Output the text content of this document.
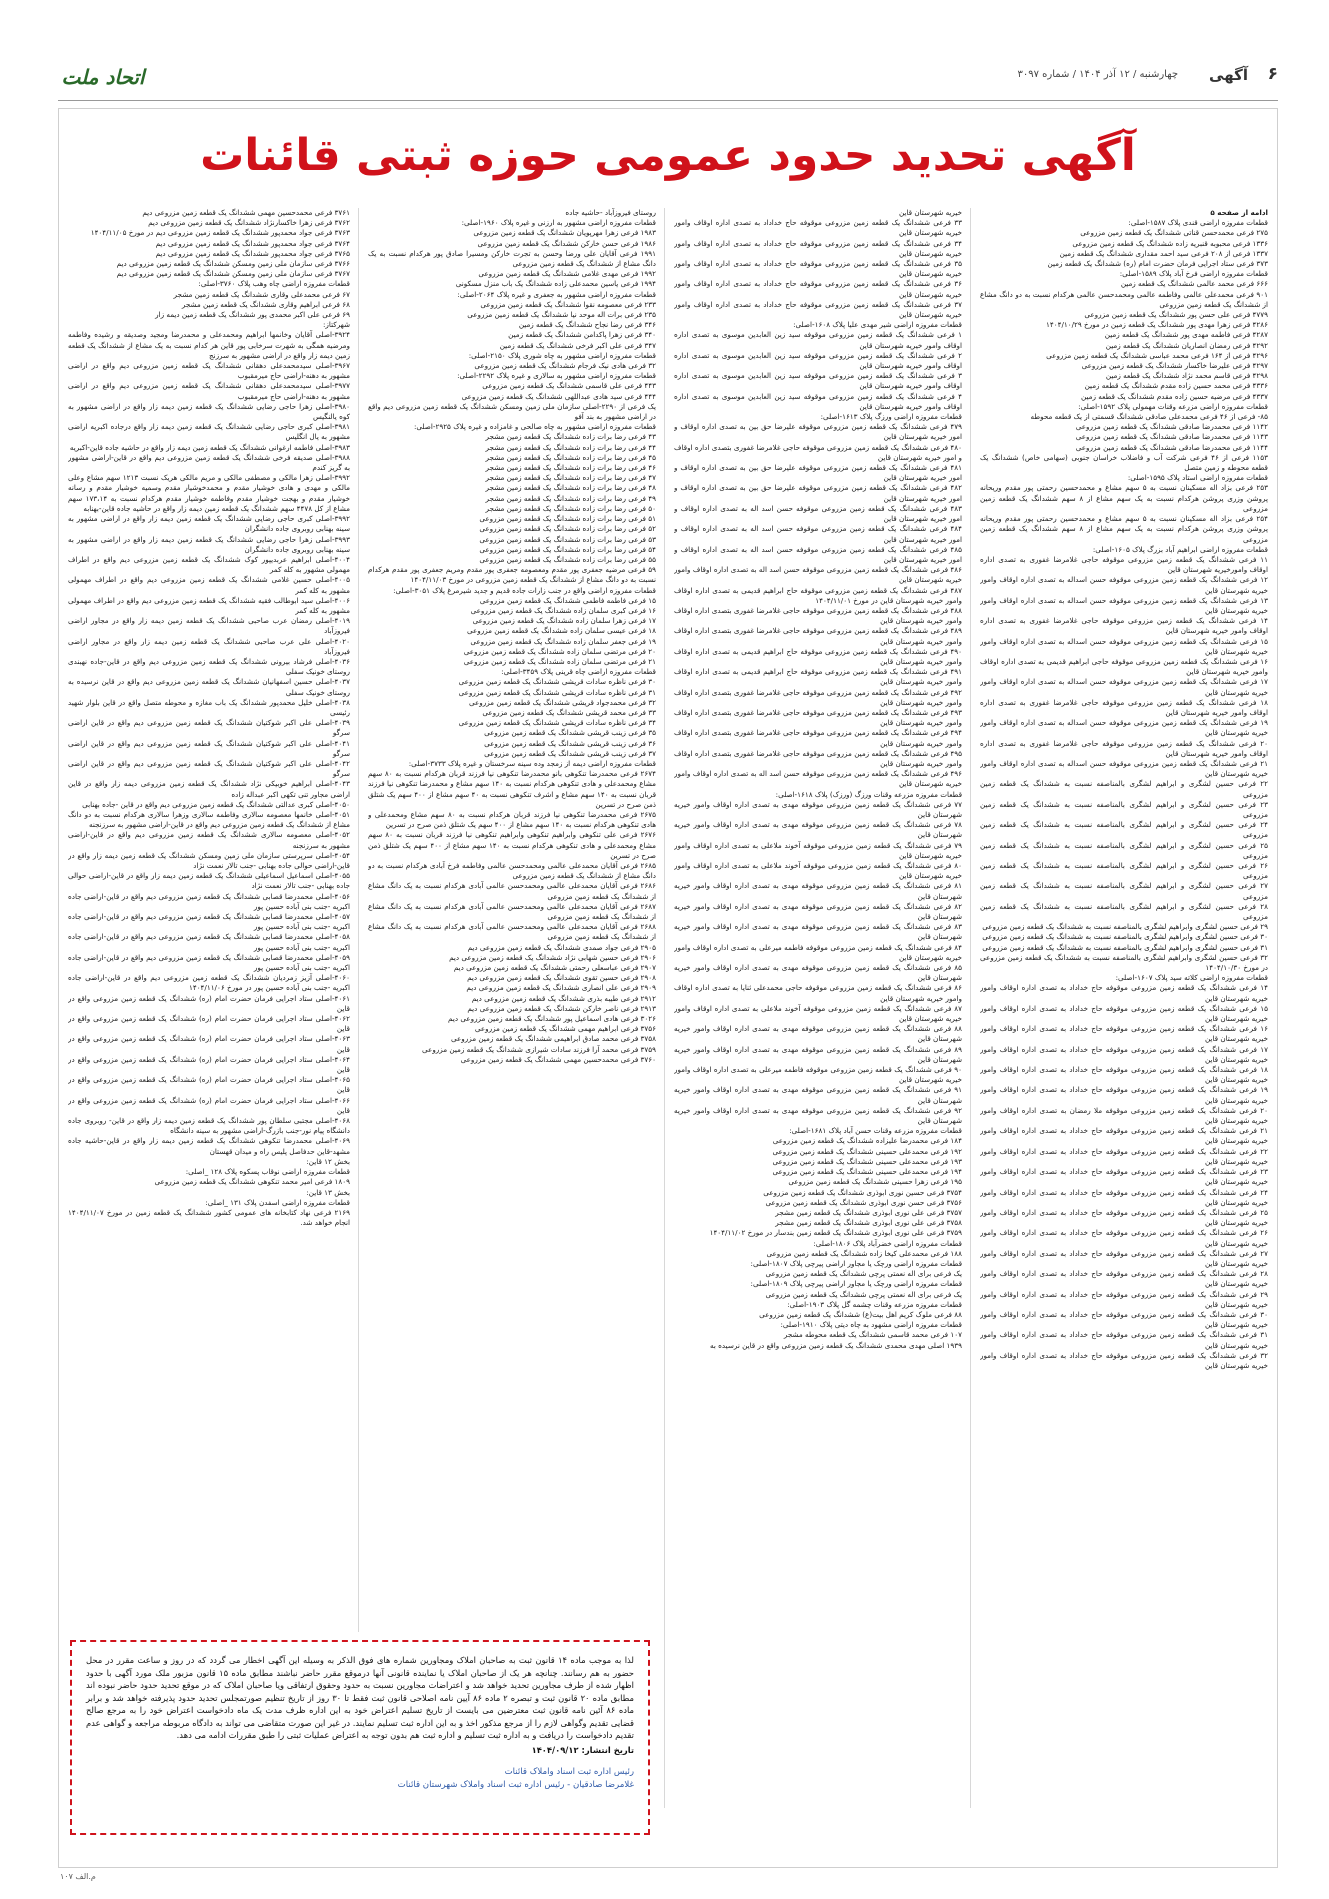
۶
آگهی
چهارشنبه / ۱۲ آذر ۱۴۰۴ / شماره ۳۰۹۷
اتحاد ملت
آگهی تحدید حدود عمومی حوزه ثبتی قائنات

ادامه از صفحه ۵

قطعات مفروزه اراضی قندی پلاک ۱۵۸۷-اصلی:

۲۷۵ فرعی محمدحسن قناتی ششدانگ یک قطعه زمین مزروعی

۱۳۳۶ فرعی محبوبه قنبریه زاده ششدانگ یک قطعه زمین مزروعی

۱۳۳۷ فرعی از ۲۰۸ فرعی سید احمد مقداری ششدانگ یک قطعه زمین

۳۷۳ فرعی ستاد اجرایی فرمان حضرت امام (ره) ششدانگ یک قطعه زمین

قطعات مفروزه اراضی فرخ آباد پلاک ۱۵۸۹-اصلی:

۶۶۶ فرعی محمد عالمی ششدانگ یک قطعه زمین

۹۰۱ فرعی محمدعلی عالمی وفاطمه عالمی ومحمدحسن عالمی هرکدام نسبت به دو دانگ مشاع از ششدانگ یک قطعه زمین مزروعی

۴۷۷۹ فرعی علی حسن پور ششدانگ یک قطعه زمین مزروعی

۴۲۸۶ فرعی زهرا مهدی پور ششدانگ یک قطعه زمین در مورخ ۱۴۰۴/۱۰/۲۹

۴۲۸۷ فرعی فاطمه مهدی پور ششدانگ یک قطعه زمین

۴۲۹۲ فرعی رمضان انصاریان ششدانگ یک قطعه زمین

۴۲۹۶ فرعی از ۱۶۴ فرعی محمد عباسی ششدانگ یک قطعه زمین مزروعی

۴۲۹۷ فرعی علیرضا خاکسار ششدانگ یک قطعه زمین مزروعی

۴۲۹۸ فرعی قاسم محمد نژاد ششدانگ یک قطعه زمین

۴۳۳۶ فرعی محمد حسین زاده مقدم ششدانگ یک قطعه زمین

۴۳۳۷ فرعی مرضیه حسین زاده مقدم ششدانگ یک قطعه زمین

قطعات مفروزه اراضی مزرعه وقنات مهمولی پلاک ۱۵۹۲-اصلی:

۸۵- فرعی از ۴۶ فرعی محمدعلی صادقی ششدانگ قسمتی از یک قطعه محوطه

۱۱۴۲ فرعی محمدرضا صادقی ششدانگ یک قطعه زمین مزروعی

۱۱۴۳ فرعی محمدرضا صادقی ششدانگ یک قطعه زمین مزروعی

۱۱۴۴ فرعی محمدرضا صادقی ششدانگ یک قطعه زمین مزروعی

۱۱۵۳ فرعی از ۴۶ فرعی شرکت آب و فاضلاب خراسان جنوبی (سهامی خاص) ششدانگ یک قطعه محوطه و زمین متصل

قطعات مفروزه اراضی استاد پلاک ۱۵۹۵-اصلی:

۲۵۳ فرعی بزاد اله مسکینان نسبت به ۵ سهم مشاع و محمدحسین رحمتی پور مقدم وریحانه پروشن وزری پروشن هرکدام نسبت به یک سهم مشاع از ۸ سهم ششدانگ یک قطعه زمین مزروعی

۲۵۴ فرعی بزاد اله مسکینان نسبت به ۵ سهم مشاع و محمدحسین رحمتی پور مقدم وریحانه پروشن وزری پروشن هرکدام نسبت به یک سهم مشاع از ۸ سهم ششدانگ یک قطعه زمین مزروعی

قطعات مفروزه اراضی ابراهیم آباد بزرگ پلاک ۱۶۰۵-اصلی:

۱۱ فرعی ششدانگ یک قطعه زمین مزروعی موقوفه حاجی غلامرضا غفوری به تصدی اداره اوقاف وامورخیریه شهرستان قاین

۱۲ فرعی ششدانگ یک قطعه زمین مزروعی موقوفه حسن اسداله به تصدی اداره اوقاف وامور خیریه شهرستان قاین

۱۳ فرعی ششدانگ یک قطعه زمین مزروعی موقوفه حسن اسداله به تصدی اداره اوقاف وامور خیریه شهرستان قاین

۱۴ فرعی ششدانگ یک قطعه زمین مزروعی موقوفه حاجی غلامرضا غفوری به تصدی اداره اوقاف وامور خیریه شهرستان قاین

۱۵ فرعی ششدانگ یک قطعه زمین مزروعی موقوفه حسن اسداله به تصدی اداره اوقاف وامور خیریه شهرستان قاین

۱۶ فرعی ششدانگ یک قطعه زمین مزروعی موقوفه حاجی ابراهیم قدیمی به تصدی اداره اوقاف وامور خیریه شهرستان قاین

۱۷ فرعی ششدانگ یک قطعه زمین مزروعی موقوفه حسن اسداله به تصدی اداره اوقاف وامور خیریه شهرستان قاین

۱۸ فرعی ششدانگ یک قطعه زمین مزروعی موقوفه حاجی غلامرضا غفوری به تصدی اداره اوقاف وامور خیریه شهرستان قاین

۱۹ فرعی ششدانگ یک قطعه زمین مزروعی موقوفه حسن اسداله به تصدی اداره اوقاف وامور خیریه شهرستان قاین

۲۰ فرعی ششدانگ یک قطعه زمین مزروعی موقوفه حاجی غلامرضا غفوری به تصدی اداره اوقاف وامور خیریه شهرستان قاین

۲۱ فرعی ششدانگ یک قطعه زمین مزروعی موقوفه حسن اسداله به تصدی اداره اوقاف وامور خیریه شهرستان قاین

۲۲ فرعی حسین لشگری و ابراهیم لشگری بالمناصفه نسبت به ششدانگ یک قطعه زمین مزروعی

۲۳ فرعی حسین لشگری و ابراهیم لشگری بالمناصفه نسبت به ششدانگ یک قطعه زمین مزروعی

۲۴ فرعی حسین لشگری و ابراهیم لشگری بالمناصفه نسبت به ششدانگ یک قطعه زمین مزروعی

۲۵ فرعی حسین لشگری و ابراهیم لشگری بالمناصفه نسبت به ششدانگ یک قطعه زمین مزروعی

۲۶ فرعی حسین لشگری و ابراهیم لشگری بالمناصفه نسبت به ششدانگ یک قطعه زمین مزروعی

۲۷ فرعی حسین لشگری و ابراهیم لشگری بالمناصفه نسبت به ششدانگ یک قطعه زمین مزروعی

۲۸ فرعی حسین لشگری و ابراهیم لشگری بالمناصفه نسبت به ششدانگ یک قطعه زمین مزروعی

۲۹ فرعی حسین لشگری وابراهیم لشگری بالمناصفه نسبت به ششدانگ یک قطعه زمین مزروعی

۳۰ فرعی حسین لشگری وابراهیم لشگری بالمناصفه نسبت به ششدانگ یک قطعه زمین مزروعی

۳۱ فرعی حسین لشگری وابراهیم لشگری بالمناصفه نسبت به ششدانگ یک قطعه زمین مزروعی

۳۲ فرعی حسین لشگری وابراهیم لشگری بالمناصفه نسبت به ششدانگ یک قطعه زمین مزروعی در مورخ ۱۴۰۴/۱۰/۳۰

قطعات مفروزه اراضی کلاته سید پلاک ۱۶۰۷-اصلی:

۱۴ فرعی ششدانگ یک قطعه زمین مزروعی موقوفه حاج خداداد به تصدی اداره اوقاف وامور خیریه شهرستان قاین

۱۵ فرعی ششدانگ یک قطعه زمین مزروعی موقوفه حاج خداداد به تصدی اداره اوقاف وامور خیریه شهرستان قاین

۱۶ فرعی ششدانگ یک قطعه زمین مزروعی موقوفه حاج خداداد به تصدی اداره اوقاف وامور خیریه شهرستان قاین

۱۷ فرعی ششدانگ یک قطعه زمین مزروعی موقوفه حاج خداداد به تصدی اداره اوقاف وامور خیریه شهرستان قاین

۱۸ فرعی ششدانگ یک قطعه زمین مزروعی موقوفه حاج خداداد به تصدی اداره اوقاف وامور خیریه شهرستان قاین

۱۹ فرعی ششدانگ یک قطعه زمین مزروعی موقوفه حاج خداداد به تصدی اداره اوقاف وامور خیریه شهرستان قاین

۲۰ فرعی ششدانگ یک قطعه زمین مزروعی موقوفه ملا رمضان به تصدی اداره اوقاف وامور خیریه شهرستان قاین

۲۱ فرعی ششدانگ یک قطعه زمین مزروعی موقوفه حاج خداداد به تصدی اداره اوقاف وامور خیریه شهرستان قاین

۲۲ فرعی ششدانگ یک قطعه زمین مزروعی موقوفه حاج خداداد به تصدی اداره اوقاف وامور خیریه شهرستان قاین

۲۳ فرعی ششدانگ یک قطعه زمین مزروعی موقوفه حاج خداداد به تصدی اداره اوقاف وامور خیریه شهرستان قاین

۲۴ فرعی ششدانگ یک قطعه زمین مزروعی موقوفه حاج خداداد به تصدی اداره اوقاف وامور خیریه شهرستان قاین

۲۵ فرعی ششدانگ یک قطعه زمین مزروعی موقوفه حاج خداداد به تصدی اداره اوقاف وامور خیریه شهرستان قاین

۲۶ فرعی ششدانگ یک قطعه زمین مزروعی موقوفه حاج خداداد به تصدی اداره اوقاف وامور خیریه شهرستان قاین

۲۷ فرعی ششدانگ یک قطعه زمین مزروعی موقوفه حاج خداداد به تصدی اداره اوقاف وامور خیریه شهرستان قاین

۲۸ فرعی ششدانگ یک قطعه زمین مزروعی موقوفه حاج خداداد به تصدی اداره اوقاف وامور خیریه شهرستان قاین

۲۹ فرعی ششدانگ یک قطعه زمین مزروعی موقوفه حاج خداداد به تصدی اداره اوقاف وامور خیریه شهرستان قاین

۳۰ فرعی ششدانگ یک قطعه زمین مزروعی موقوفه حاج خداداد به تصدی اداره اوقاف وامور خیریه شهرستان قاین

۳۱ فرعی ششدانگ یک قطعه زمین مزروعی موقوفه حاج خداداد به تصدی اداره اوقاف وامور خیریه شهرستان قاین

۳۲ فرعی ششدانگ یک قطعه زمین مزروعی موقوفه حاج خداداد به تصدی اداره اوقاف وامور خیریه شهرستان قاین

خیریه شهرستان قاین

۳۳ فرعی ششدانگ یک قطعه زمین مزروعی موقوفه حاج خداداد به تصدی اداره اوقاف وامور خیریه شهرستان قاین

۳۴ فرعی ششدانگ یک قطعه زمین مزروعی موقوفه حاج خداداد به تصدی اداره اوقاف وامور خیریه شهرستان قاین

۳۵ فرعی ششدانگ یک قطعه زمین مزروعی موقوفه حاج خداداد به تصدی اداره اوقاف وامور خیریه شهرستان قاین

۳۶ فرعی ششدانگ یک قطعه زمین مزروعی موقوفه حاج خداداد به تصدی اداره اوقاف وامور خیریه شهرستان قاین

۳۷ فرعی ششدانگ یک قطعه زمین مزروعی موقوفه حاج خداداد به تصدی اداره اوقاف وامور خیریه شهرستان قاین

قطعات مفروزه اراضی شیر مهدی علیا پلاک ۱۶۰۸-اصلی:

۱ فرعی ششدانگ یک قطعه زمین مزروعی موقوفه سید زین العابدین موسوی به تصدی اداره اوقاف وامور خیریه شهرستان قاین

۲ فرعی ششدانگ یک قطعه زمین مزروعی موقوفه سید زین العابدین موسوی به تصدی اداره اوقاف وامور خیریه شهرستان قاین

۳ فرعی ششدانگ یک قطعه زمین مزروعی موقوفه سید زین العابدین موسوی به تصدی اداره اوقاف وامور خیریه شهرستان قاین

۴ فرعی ششدانگ یک قطعه زمین مزروعی موقوفه سید زین العابدین موسوی به تصدی اداره اوقاف وامور خیریه شهرستان قاین

قطعات مفروزه اراضی ورزگ پلاک ۱۶۱۳-اصلی:

۴۷۹ فرعی ششدانگ یک قطعه زمین مزروعی موقوفه علیرضا حق بین به تصدی اداره اوقاف و امور خیریه شهرستان قاین

۴۸۰ فرعی ششدانگ یک قطعه زمین مزروعی موقوفه حاجی غلامرضا غفوری بتصدی اداره اوقاف و امور خیریه شهرستان قاین

۴۸۱ فرعی ششدانگ یک قطعه زمین مزروعی موقوفه علیرضا حق بین به تصدی اداره اوقاف و امور خیریه شهرستان قاین

۴۸۲ فرعی ششدانگ یک قطعه زمین مزروعی موقوفه علیرضا حق بین به تصدی اداره اوقاف و امور خیریه شهرستان قاین

۴۸۳ فرعی ششدانگ یک قطعه زمین مزروعی موقوفه حسن اسد اله به تصدی اداره اوقاف و امور خیریه شهرستان قاین

۴۸۴ فرعی ششدانگ یک قطعه زمین مزروعی موقوفه حسن اسد اله به تصدی اداره اوقاف و امور خیریه شهرستان قاین

۴۸۵ فرعی ششدانگ یک قطعه زمین مزروعی موقوفه حسن اسد اله به تصدی اداره اوقاف و امور خیریه شهرستان قاین

۴۸۶ فرعی ششدانگ یک قطعه زمین مزروعی موقوفه حسن اسد اله به تصدی اداره اوقاف وامور خیریه شهرستان قاین

۴۸۷ فرعی ششدانگ یک قطعه زمین مزروعی موقوفه حاج ابراهیم قدیمی به تصدی اداره اوقاف وامور خیریه شهرستان قاین در مورخ ۱۴۰۴/۱۱/۰۱

۴۸۸ فرعی ششدانگ یک قطعه زمین مزروعی موقوفه حاجی غلامرضا غفوری بتصدی اداره اوقاف وامور خیریه شهرستان قاین

۴۸۹ فرعی ششدانگ یک قطعه زمین مزروعی موقوفه حاجی غلامرضا غفوری بتصدی اداره اوقاف وامور خیریه شهرستان قاین

۴۹۰ فرعی ششدانگ یک قطعه زمین مزروعی موقوفه حاج ابراهیم قدیمی به تصدی اداره اوقاف وامور خیریه شهرستان قاین

۴۹۱ فرعی ششدانگ یک قطعه زمین مزروعی موقوفه حاج ابراهیم قدیمی به تصدی اداره اوقاف وامور خیریه شهرستان قاین

۴۹۲ فرعی ششدانگ یک قطعه زمین مزروعی موقوفه حاجی غلامرضا غفوری بتصدی اداره اوقاف وامور خیریه شهرستان قاین

۴۹۳ فرعی ششدانگ یک قطعه زمین مزروعی موقوفه حاجی غلامرضا غفوری بتصدی اداره اوقاف وامور خیریه شهرستان قاین

۴۹۴ فرعی ششدانگ یک قطعه زمین مزروعی موقوفه حاجی غلامرضا غفوری بتصدی اداره اوقاف وامور خیریه شهرستان قاین

۴۹۵ فرعی ششدانگ یک قطعه زمین مزروعی موقوفه حاجی غلامرضا غفوری بتصدی اداره اوقاف وامور خیریه شهرستان قاین

۴۹۶ فرعی ششدانگ یک قطعه زمین مزروعی موقوفه حسن اسد اله به تصدی اداره اوقاف وامور خیریه شهرستان قاین

قطعات مفروزه مزرعه وقنات ورزگ (ورزک) پلاک ۱۶۱۸-اصلی:

۷۷ فرعی ششدانگ یک قطعه زمین مزروعی موقوفه مهدی به تصدی اداره اوقاف وامور خیریه شهرستان قاین

۷۸ فرعی ششدانگ یک قطعه زمین مزروعی موقوفه مهدی به تصدی اداره اوقاف وامور خیریه شهرستان قاین

۷۹ فرعی ششدانگ یک قطعه زمین مزروعی موقوفه آخوند ملاعلی به تصدی اداره اوقاف وامور خیریه شهرستان قاین

۸۰ فرعی ششدانگ یک قطعه زمین مزروعی موقوفه آخوند ملاعلی به تصدی اداره اوقاف وامور خیریه شهرستان قاین

۸۱ فرعی ششدانگ یک قطعه زمین مزروعی موقوفه مهدی به تصدی اداره اوقاف وامور خیریه شهرستان قاین

۸۲ فرعی ششدانگ یک قطعه زمین مزروعی موقوفه مهدی به تصدی اداره اوقاف وامور خیریه شهرستان قاین

۸۳ فرعی ششدانگ یک قطعه زمین مزروعی موقوفه مهدی به تصدی اداره اوقاف وامور خیریه شهرستان قاین

۸۴ فرعی ششدانگ یک قطعه زمین مزروعی موقوفه فاطمه میرعلی به تصدی اداره اوقاف وامور خیریه شهرستان قاین

۸۵ فرعی ششدانگ یک قطعه زمین مزروعی موقوفه مهدی به تصدی اداره اوقاف وامور خیریه شهرستان قاین

۸۶ فرعی ششدانگ یک قطعه زمین مزروعی موقوفه حاجی محمدعلی ثنایا به تصدی اداره اوقاف وامور خیریه شهرستان قاین

۸۷ فرعی ششدانگ یک قطعه زمین مزروعی موقوفه آخوند ملاعلی به تصدی اداره اوقاف وامور خیریه شهرستان قاین

۸۸ فرعی ششدانگ یک قطعه زمین مزروعی موقوفه مهدی به تصدی اداره اوقاف وامور خیریه شهرستان قاین

۸۹ فرعی ششدانگ یک قطعه زمین مزروعی موقوفه مهدی به تصدی اداره اوقاف وامور خیریه شهرستان قاین

۹۰ فرعی ششدانگ یک قطعه زمین مزروعی موقوفه فاطمه میرعلی به تصدی اداره اوقاف وامور خیریه شهرستان قاین

۹۱ فرعی ششدانگ یک قطعه زمین مزروعی موقوفه مهدی به تصدی اداره اوقاف وامور خیریه شهرستان قاین

۹۲ فرعی ششدانگ یک قطعه زمین مزروعی موقوفه مهدی به تصدی اداره اوقاف وامور خیریه شهرستان قاین

قطعات مفروزه مزرعه وقنات حسن آباد پلاک ۱۶۸۱-اصلی:

۱۸۴ فرعی محمدرضا علیزاده ششدانگ یک قطعه زمین مزروعی

۱۹۲ فرعی محمدعلی حسینی ششدانگ یک قطعه زمین مزروعی

۱۹۳ فرعی محمدعلی حسینی ششدانگ یک قطعه زمین مزروعی

۱۹۴ فرعی محمدعلی حسینی ششدانگ یک قطعه زمین مزروعی

۱۹۵ فرعی زهرا حسینی ششدانگ یک قطعه زمین مزروعی

۳۷۵۴ فرعی حسین نوری ابوذری ششدانگ یک قطعه زمین مزروعی

۳۷۵۶ فرعی حسن نوری ابوذری ششدانگ یک قطعه زمین مزروعی

۳۷۵۷ فرعی علی نوری ابوذری ششدانگ یک قطعه زمین مشجر

۳۷۵۸ فرعی علی نوری ابوذری ششدانگ یک قطعه زمین مشجر

۳۷۵۹ فرعی علی نوری ابوذری ششدانگ یک قطعه زمین بندسار در مورخ ۱۴۰۴/۱۱/۰۲

قطعات مفروزه اراضی خضرآباد پلاک ۱۸۰۶-اصلی:

۱۸۸ فرعی محمدعلی کیخا زاده ششدانگ یک قطعه زمین مزروعی

قطعات مفروزه اراضی ورچک یا مجاور اراضی پیرچی پلاک ۱۸۰۷-اصلی:

یک فرعی برای اله نعمتی پرچی ششدانگ یک قطعه زمین مزروعی

قطعات مفروزه اراضی ورچک یا مجاور اراضی پیرچی پلاک ۱۸۰۹-اصلی:

یک فرعی برای اله نعمتی پرچی ششدانگ یک قطعه زمین مزروعی

قطعات مفروزه مزرعه وقنات چشمه گل پلاک ۱۹۰۳-اصلی:

۸۸ فرعی ملوک کریم اهل بیت(ع) ششدانگ یک قطعه زمین مزروعی

قطعات مفروزه اراضی مشهود به چاه دیتی پلاک ۱۹۱۰-اصلی:

۱۰۷ فرعی محمد قاسمی ششدانگ یک قطعه محوطه مشجر

۱۹۳۹ اصلی مهدی محمدی ششدانگ یک قطعه زمین مزروعی واقع در قاین نرسیده به

روستای فیروزآباد -حاشیه جاده

قطعات مفروزه اراضی مشهور به ارزنی و غیره پلاک ۱۹۶۰-اصلی:

۱۹۸۳ فرعی زهرا مهرپویان ششدانگ یک قطعه زمین مزروعی

۱۹۸۶ فرعی حسن خارکن ششدانگ یک قطعه زمین مزروعی

۱۹۹۱ فرعی آقایان علی ورضا وحسن به تجرت خارکن ومسیرا صادق پور هرکدام نسبت به یک دانگ مشاع از ششدانگ یک قطعه زمین مزروعی

۱۹۹۲ فرعی مهدی غلامی ششدانگ یک قطعه زمین مزروعی

۱۹۹۴ فرعی یاسین محمدعلی زاده ششدانگ یک باب منزل مسکونی

قطعات مفروزه اراضی مشهور به جعفری و غیره پلاک ۲۰۶۴-اصلی:

۲۳۳ فرعی معصومه نقوا ششدانگ یک قطعه زمین مزروعی

۲۳۵ فرعی برات اله موحد نیا ششدانگ یک قطعه زمین مزروعی

۳۴۶ فرعی رضا نجاح ششدانگ یک قطعه زمین

۳۴۰ فرعی زهرا پاکدامن ششدانگ یک قطعه زمین

۳۴۷ فرعی علی اکبر فرخی ششدانگ یک قطعه زمین

قطعات مفروزه اراضی مشهور به چاه شوری پلاک ۲۱۵۰-اصلی:

۳۲ فرعی هادی نیک فرجام ششدانگ یک قطعه زمین مزروعی

قطعات مفروزه اراضی مشهور به سالاری و غیره پلاک ۲۲۹۲-اصلی:

۴۴۳ فرعی علی قاسمی ششدانگ یک قطعه زمین مزروعی

۴۴۴ فرعی سید هادی عبداللهی ششدانگ یک قطعه زمین مزروعی

یک فرعی از ۲۲۹۰-اصلی سازمان ملی زمین ومسکن ششدانگ یک قطعه زمین مزروعی دیم واقع در اراضی مشهور به بند آفو

قطعات مفروزه اراضی مشهور به چاه صالحی و غامزاده و غیره پلاک ۲۹۲۵-اصلی:

۴۳ فرعی رضا برات زاده ششدانگ یک قطعه زمین مشجر

۴۴ فرعی رضا برات زاده ششدانگ یک قطعه زمین مشجر

۴۵ فرعی رضا برات زاده ششدانگ یک قطعه زمین مشجر

۴۶ فرعی رضا برات زاده ششدانگ یک قطعه زمین مشجر

۴۷ فرعی رضا برات زاده ششدانگ یک قطعه زمین مشجر

۴۸ فرعی رضا برات زاده ششدانگ یک قطعه زمین مشجر

۴۹ فرعی رضا برات زاده ششدانگ یک قطعه زمین مشجر

۵۰ فرعی رضا برات زاده ششدانگ یک قطعه زمین مشجر

۵۱ فرعی رضا برات زاده ششدانگ یک قطعه زمین مزروعی

۵۲ فرعی رضا برات زاده ششدانگ یک قطعه زمین مزروعی

۵۳ فرعی رضا برات زاده ششدانگ یک قطعه زمین مزروعی

۵۴ فرعی رضا برات زاده ششدانگ یک قطعه زمین مزروعی

۵۵ فرعی رضا برات زاده ششدانگ یک قطعه زمین مزروعی

۵۹ فرعی مرضیه جعفری پور مقدم ومعصومه جعفری پور مقدم ومریم جعفری پور مقدم هرکدام نسبت به دو دانگ مشاع از ششدانگ یک قطعه زمین مزروعی در مورخ ۱۴۰۴/۱۱/۰۳

قطعات مفروزه اراضی واقع در جنب زارات جاده قدیم و جدید شیرمرغ پلاک ۳۰۵۱-اصلی:

۱۵ فرعی فاطمه فاطمی ششدانگ یک قطعه زمین مزروعی

۱۶ فرعی کبری سلمان زاده ششدانگ یک قطعه زمین مزروعی

۱۷ فرعی زهرا سلمان زاده ششدانگ یک قطعه زمین مزروعی

۱۸ فرعی عیسی سلمان زاده ششدانگ یک قطعه زمین مزروعی

۱۹ فرعی جعفر سلمان زاده ششدانگ یک قطعه زمین مزروعی

۲۰ فرعی مرتضی سلمان زاده ششدانگ یک قطعه زمین مزروعی

۲۱ فرعی مرتضی سلمان زاده ششدانگ یک قطعه زمین مزروعی

قطعات مفروزه اراضی چاه قرینی پلاک ۳۴۵۹-اصلی:

۳۰ فرعی ناظره سادات قریشی ششدانگ یک قطعه زمین مزروعی

۳۱ فرعی ناظره سادات قریشی ششدانگ یک قطعه زمین مزروعی

۳۲ فرعی محمدجواد قریشی ششدانگ یک قطعه زمین مزروعی

۳۳ فرعی محمد قریشی ششدانگ یک قطعه زمین مزروعی

۳۴ فرعی ناظره سادات قریشی ششدانگ یک قطعه زمین مزروعی

۳۵ فرعی زینب قریشی ششدانگ یک قطعه زمین مزروعی

۳۶ فرعی زینب قریشی ششدانگ یک قطعه زمین مزروعی

۳۷ فرعی زینب قریشی ششدانگ یک قطعه زمین مزروعی

قطعات مفروزه اراضی دیمه از زمجد وده سینه سرخستان و غیره پلاک ۳۷۳۳-اصلی:

۲۶۷۴ فرعی محمدرضا تنکوهی بانو محمدرضا تنکوهی نیا فرزند قربان هرکدام نسبت به ۸۰ سهم مشاع ومحمدعلی و هادی تنکوهی هرکدام نسبت به ۱۴۰ سهم مشاع و محمدرضا تنکوهی نیا فرزند قربان نسبت به ۱۴۰ سهم مشاع و اشرف تنکوهی نسبت به ۴۰ سهم مشاع از ۴۰۰ سهم یک شتلق ذمن صرح در تسرین

۲۶۷۵ فرعی محمدرضا تنکوهی نیا فرزند قربان هرکدام نسبت به ۸۰ سهم مشاع ومحمدعلی و هادی تنکوهی هرکدام نسبت به ۱۴۰ سهم مشاع از ۴۰۰ سهم یک شتلق ذمن صرح در تسرین

۲۶۷۶ فرعی علی تنکوهی وابراهیم تنکوهی وابراهیم تنکوهی نیا فرزند قربان نسبت به ۸۰ سهم مشاع ومحمدعلی و هادی تنکوهی هرکدام نسبت به ۱۴۰ سهم مشاع از ۴۰۰ سهم یک شتلق ذمن صرح در تسرین

۲۶۸۵ فرعی آقایان محمدعلی عالمی ومحمدحسن عالمی وفاطمه فرخ آبادی هرکدام نسبت به دو دانگ مشاع از ششدانگ یک قطعه زمین مزروعی

۲۶۸۶ فرعی آقایان محمدعلی عالمی ومحمدحسن عالمی آبادی هرکدام نسبت به یک دانگ مشاع از ششدانگ یک قطعه زمین مزروعی

۲۶۸۷ فرعی آقایان محمدعلی عالمی ومحمدحسن عالمی آبادی هرکدام نسبت به یک دانگ مشاع از ششدانگ یک قطعه زمین مزروعی

۲۶۸۸ فرعی آقایان محمدعلی عالمی ومحمدحسن عالمی آبادی هرکدام نسبت به یک دانگ مشاع از ششدانگ یک قطعه زمین مزروعی

۲۹۰۵ فرعی جواد صمدی ششدانگ یک قطعه زمین مزروعی دیم

۲۹۰۶ فرعی حسین شهابی نژاد ششدانگ یک قطعه زمین مزروعی دیم

۲۹۰۷ فرعی عباسعلی رحمتی ششدانگ یک قطعه زمین مزروعی دیم

۲۹۰۸ فرعی حسین تقوی ششدانگ یک قطعه زمین مزروعی دیم

۲۹۰۹ فرعی علی انصاری ششدانگ یک قطعه زمین مزروعی دیم

۲۹۱۲ فرعی طیبه بذری ششدانگ یک قطعه زمین مزروعی دیم

۲۹۱۳ فرعی ناصر خارکن ششدانگ یک قطعه زمین مزروعی دیم

۳۰۲۶ فرعی هادی اسماعیل پور ششدانگ یک قطعه زمین مزروعی دیم

۳۷۵۶ فرعی ابراهیم مهمی ششدانگ یک قطعه زمین مزروعی

۳۷۵۸ فرعی محمد صادق ابراهیمی ششدانگ یک قطعه زمین مزروعی

۳۷۵۹ فرعی محمد آرا فرزند سادات شیرازی ششدانگ یک قطعه زمین مزروعی

۳۷۶۰ فرعی محمدحسین مهمی ششدانگ یک قطعه زمین مزروعی

۳۷۶۱ فرعی محمدحسین مهمی ششدانگ یک قطعه زمین مزروعی دیم

۳۷۶۲ فرعی زهرا خاکسارنژاد ششدانگ یک قطعه زمین مزروعی دیم

۳۷۶۳ فرعی جواد محمدپور ششدانگ یک قطعه زمین مزروعی دیم در مورخ ۱۴۰۴/۱۱/۰۵

۳۷۶۴ فرعی جواد محمدپور ششدانگ یک قطعه زمین مزروعی دیم

۳۷۶۵ فرعی جواد محمدپور ششدانگ یک قطعه زمین مزروعی دیم

۳۷۶۶ فرعی سازمان ملی زمین ومسکن ششدانگ یک قطعه زمین مزروعی دیم

۳۷۶۷ فرعی سازمان ملی زمین ومسکن ششدانگ یک قطعه زمین مزروعی دیم

قطعات مفروزه اراضی چاه وهب پلاک ۳۷۶۰-اصلی:

۶۷ فرعی محمدعلی وقاری ششدانگ یک قطعه زمین مشجر

۶۸ فرعی ابراهیم وقاری ششدانگ یک قطعه زمین مشجر

۶۹ فرعی علی اکبر محمدی پور ششدانگ یک قطعه زمین دیمه زار

شهرکتاز:

۳۹۲۴-اصلی آقایان وخانمها ابراهیم ومحمدعلی و محمدرضا ومجید وصدیقه و رشیده وفاطمه ومرضیه همگی به شهرت سرخابی پور قاین هر کدام نسبت به یک مشاع از ششدانگ یک قطعه زمین دیمه زار واقع در اراضی مشهور به سرزنج

۳۹۶۷-اصلی سیدمحمدعلی دهقانی ششدانگ یک قطعه زمین مزروعی دیم واقع در اراضی مشهور به دهنه-اراضی حاج میرمقبوب

۳۹۷۷-اصلی سیدمحمدعلی دهقانی ششدانگ یک قطعه زمین مزروعی دیم واقع در اراضی مشهور به دهنه-اراضی حاج میرمقبوب

۳۹۸۰-اصلی زهرا حاجی رضایی ششدانگ یک قطعه زمین دیمه زار واقع در اراضی مشهور به کوه یالنگیس

۳۹۸۱-اصلی کبری حاجی رضایی ششدانگ یک قطعه زمین دیمه زار واقع درجاده اکبریه اراضی مشهور به یال انگلیس

۳۹۸۳-اصلی فاطمه ارغوانی ششدانگ یک قطعه زمین دیمه زار واقع در حاشیه جاده قاین-اکبریه

۳۹۸۸-اصلی صدیقه فرخی ششدانگ یک قطعه زمین مزروعی دیم واقع در قاین-اراضی مشهور به گریز کندم

۳۹۹۲-اصلی زهرا مالکی و مصطفی مالکی و مریم مالکی هریک نسبت ۱۲۱۳ سهم مشاع وعلی مالکی و مهدی و هادی خوشیار مقدم و محمدخوشیار مقدم وسمیه خوشیار مقدم و رسانه خوشیار مقدم و بهجت خوشیار مقدم وفاطمه خوشیار مقدم هرکدام نسبت به ۱۷۳،۱۴ سهم مشاع از کل ۴۴۷۸ سهم ششدانگ یک قطعه زمین دیمه زار واقع در حاشیه جاده قاین-بهنابه

۳۹۹۲-اصلی کبری حاجی رضایی ششدانگ یک قطعه زمین دیمه زار واقع در اراضی مشهور به سینه بهنابی روبروی جاده دانشگران

۳۹۹۳-اصلی زهرا حاجی رضایی ششدانگ یک قطعه زمین دیمه زار واقع در اراضی مشهور به سینه بهنابی روبروی جاده دانشگران

۴۰۰۴-اصلی ابراهیم عربدیپور کوک ششدانگ یک قطعه زمین مزروعی دیم واقع در اطراف مهمولی مشهور به کله کمر

۴۰۰۵-اصلی حسین غلامی ششدانگ یک قطعه زمین مزروعی دیم واقع در اطراف مهمولی مشهور به کله کمر

۴۰۰۶-اصلی سید ابوطالب فقیه ششدانگ یک قطعه زمین مزروعی دیم واقع در اطراف مهمولی مشهور به کله کمر

۴۰۱۹-اصلی رمضان عرب صاحبی ششدانگ یک قطعه زمین دیمه زار واقع در مجاور اراضی فیروزآباد

۴۰۲۰-اصلی علی عرب صاحبی ششدانگ یک قطعه زمین دیمه زار واقع در مجاور اراضی فیروزآباد

۴۰۳۶-اصلی فرشاد بیرونی ششدانگ یک قطعه زمین مزروعی دیم واقع در قاین-جاده نهبندی روستای خونیک سفلی

۴۰۳۷-اصلی حسین اسفهانیان ششدانگ یک قطعه زمین مزروعی دیم واقع در قاین نرسیده به روستای خونیک سفلی

۴۰۳۸-اصلی خلیل محمدپور ششدانگ یک باب مغازه و محوطه متصل واقع در قاین بلوار شهید رئیسی

۴۰۳۹-اصلی علی اکبر شوکتیان ششدانگ یک قطعه زمین مزروعی دیم واقع در قاین اراضی سرگو

۴۰۴۱-اصلی علی اکبر شوکتیان ششدانگ یک قطعه زمین مزروعی دیم واقع در قاین اراضی سرگو

۴۰۴۲-اصلی علی اکبر شوکتیان ششدانگ یک قطعه زمین مزروعی دیم واقع در قاین اراضی سرگو

۴۰۴۳-اصلی ابراهیم خوبیکی نژاد ششدانگ یک قطعه زمین مزروعی دیمه زار واقع در قاین اراضی مجاور تنی تکهی اکبر عبداله زاده

۴۰۵۰-اصلی کبری عدالتی ششدانگ یک قطعه زمین مزروعی دیم واقع در قاین -جاده بهنابی

۴۰۵۱-اصلی خانمها معصومه سالاری وفاطمه سالاری وزهرا سالاری هرکدام نسبت به دو دانگ مشاع از ششدانگ یک قطعه زمین مزروعی دیم واقع در قاین-اراضی مشهور به سرزنجنه

۴۰۵۲-اصلی معصومه سالاری ششدانگ یک قطعه زمین مزروعی دیم واقع در قاین-اراضی مشهور به سرزنجنه

۴۰۵۴-اصلی سرپرستی سازمان ملی زمین ومسکن ششدانگ یک قطعه زمین دیمه زار واقع در قاین-اراضی حوالی جاده بهنابی -جنب تالار نعمت نژاد

۴۰۵۵-اصلی اسماعیل اسماعیلی ششدانگ یک قطعه زمین دیمه زار واقع در قاین-اراضی حوالی جاده بهنابی -جنب تالار نعمت نژاد

۴۰۵۶-اصلی محمدرضا قصابی ششدانگ یک قطعه زمین مزروعی دیم واقع در قاین-اراضی جاده اکبریه -جنب بنی آباده حسین پور

۴۰۵۷-اصلی محمدرضا قصابی ششدانگ یک قطعه زمین مزروعی دیم واقع در قاین-اراضی جاده اکبریه -جنب بنی آباده حسین پور

۴۰۵۸-اصلی محمدرضا قصابی ششدانگ یک قطعه زمین مزروعی دیم واقع در قاین-اراضی جاده اکبریه -جنب بنی آباده حسین پور

۴۰۵۹-اصلی محمدرضا قصابی ششدانگ یک قطعه زمین مزروعی دیم واقع در قاین-اراضی جاده اکبریه -جنب بنی آباده حسین پور

۴۰۶۰-اصلی آزیز زمردیان ششدانگ یک قطعه زمین مزروعی دیم واقع در قاین-اراضی جاده اکبریه -جنب بنی آباده حسین پور در مورخ ۱۴۰۴/۱۱/۰۶

۴۰۶۱-اصلی ستاد اجرایی فرمان حضرت امام (ره) ششدانگ یک قطعه زمین مزروعی واقع در قاین

۴۰۶۲-اصلی ستاد اجرایی فرمان حضرت امام (ره) ششدانگ یک قطعه زمین مزروعی واقع در قاین

۴۰۶۳-اصلی ستاد اجرایی فرمان حضرت امام (ره) ششدانگ یک قطعه زمین مزروعی واقع در قاین

۴۰۶۴-اصلی ستاد اجرایی فرمان حضرت امام (ره) ششدانگ یک قطعه زمین مزروعی واقع در قاین

۴۰۶۵-اصلی ستاد اجرایی فرمان حضرت امام (ره) ششدانگ یک قطعه زمین مزروعی واقع در قاین

۴۰۶۶-اصلی ستاد اجرایی فرمان حضرت امام (ره) ششدانگ یک قطعه زمین مزروعی واقع در قاین

۴۰۶۸-اصلی مجتبی سلطان پور ششدانگ یک قطعه زمین دیمه زار واقع در قاین- روبروی جاده دانشگاه پیام نور-جنب بازرگ-اراضی مشهور به سینه دانشگاه

۴۰۶۹-اصلی محمدرضا تنکوهی ششدانگ یک قطعه زمین دیمه زار واقع در قاین-حاشیه جاده مشهد-قاین حدفاصل پلیس راه و میدان قهستان

بخش ۱۲ قاین:

قطعات مفروزه اراضی نوقاب پسکوه پلاک ۱۲۸ _اصلی:

۱۸۰۹ فرعی امیر محمد تنکوهی ششدانگ یک قطعه زمین مزروعی

بخش ۱۳ قاین:

قطعات مفروزه اراضی اسفدن پلاک ۱۳۱ _اصلی:

۲۱۶۹ فرعی نهاد کتابخانه های عمومی کشور ششدانگ یک قطعه زمین در مورخ ۱۴۰۴/۱۱/۰۷ انجام خواهد شد.

لذا به موجب ماده ۱۴ قانون ثبت به صاحبان املاک ومجاورین شماره های فوق الذکر به وسیله این آگهی اخطار می گردد که در روز و ساعت مقرر در محل حضور به هم رسانند. چنانچه هر یک از صاحبان املاک یا نماینده قانونی آنها درموقع مقرر حاضر نباشند مطابق ماده ۱۵ قانون مزبور ملک مورد آگهی با حدود اظهار شده از طرف مجاورین تحدید خواهد شد و اعتراضات مجاورین نسبت به حدود وحقوق ارتفاقی ویا صاحبان املاک که در موقع تحدید حدود حاضر نبوده اند مطابق ماده ۲۰ قانون ثبت و تبصره ۲ ماده ۸۶ آیین نامه اصلاحی قانون ثبت فقط تا ۳۰ روز از تاریخ تنظیم صورتمجلس تحدید حدود پذیرفته خواهد شد و برابر ماده ۸۶ آئین نامه قانون ثبت معترضین می بایست از تاریخ تسلیم اعتراض خود به این اداره ظرف مدت یک ماه دادخواست اعتراض خود را به مرجع صالح قضایی تقدیم وگواهی لازم را از مرجع مذکور اخذ و به این اداره ثبت تسلیم نمایند. در غیر این صورت متقاضی می تواند به دادگاه مربوطه مراجعه و گواهی عدم تقدیم دادخواست را دریافت و به اداره ثبت تسلیم و اداره ثبت هم بدون توجه به اعتراض عملیات ثبتی را طبق مقررات ادامه می دهد.
تاریخ انتشار: ۱۴۰۴/۰۹/۱۲
رئیس اداره ثبت اسناد واملاک قائنات
غلامرضا صادقیان - رئیس اداره ثبت اسناد واملاک شهرستان قائنات
م.الف ۱۰۷
